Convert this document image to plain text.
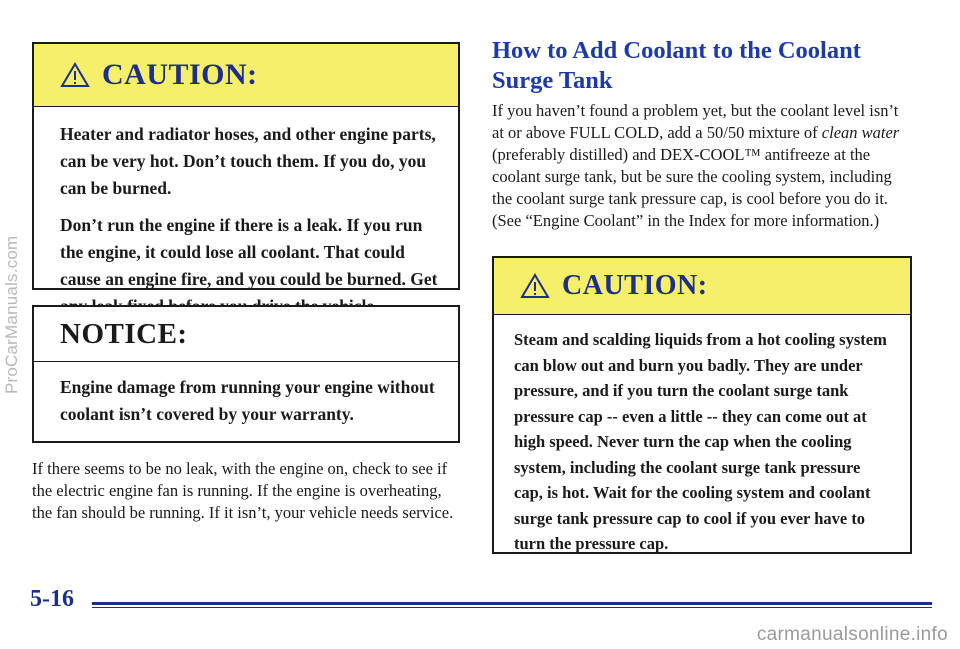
ProCarManuals.com
CAUTION:

Heater and radiator hoses, and other engine parts, can be very hot. Don’t touch them. If you do, you can be burned.

Don’t run the engine if there is a leak. If you run the engine, it could lose all coolant. That could cause an engine fire, and you could be burned. Get

NOTICE:

Engine damage from running your engine without coolant isn’t covered by your warranty.

If there seems to be no leak, with the engine on, check to see if the electric engine fan is running. If the engine is overheating, the fan should be running. If it isn’t, your vehicle needs service.
How to Add Coolant to the Coolant Surge Tank
If you haven’t found a problem yet, but the coolant level isn’t at or above FULL COLD, add a 50/50 mixture of clean water (preferably distilled) and DEX-COOL™ antifreeze at the coolant surge tank, but be sure the cooling system, including the coolant surge tank pressure cap, is cool before you do it. (See “Engine Coolant” in the Index for more information.)
CAUTION:

Steam and scalding liquids from a hot cooling system can blow out and burn you badly. They are under pressure, and if you turn the coolant surge tank pressure cap -- even a little -- they can come out at high speed. Never turn the cap when the cooling system, including the coolant surge tank pressure cap, is hot. Wait for the cooling system and coolant surge tank pressure cap to cool if you ever have to turn the pressure cap.

5-16
carmanualsonline.info
